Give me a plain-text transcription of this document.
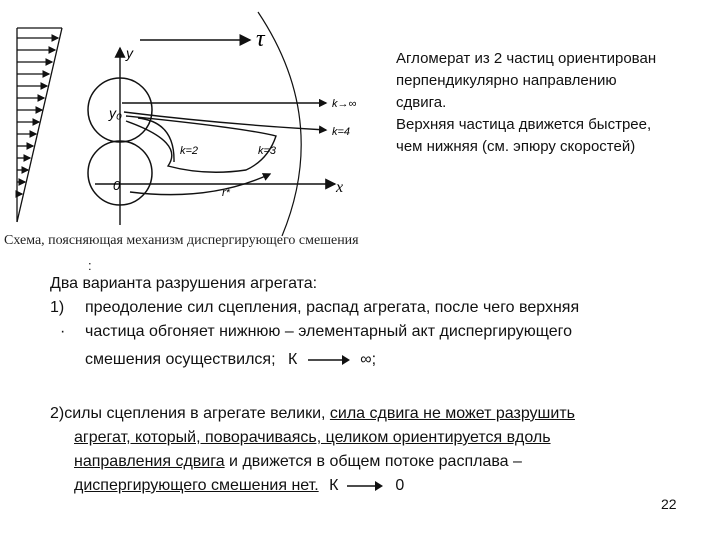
τ
y
x
y₀
0
k→∞
k=4
k=3
k=2
r*
Схема, поясняющая механизм диспергирующего смешения
Агломерат из 2 частиц ориентирован
перпендикулярно направлению
сдвига.
Верхняя частица движется быстрее,
чем нижняя (см. эпюру скоростей)
:
Два варианта разрушения агрегата:
1) преодоление сил сцепления, распад агрегата, после чего верхняя
· частица обгоняет нижнюю – элементарный акт диспергирующего
смешения осуществился; К	∞;
2)силы сцепления в агрегате велики, сила сдвига не может разрушить
агрегат, который, поворачиваясь, целиком ориентируется вдоль
направления сдвига и движется в общем потоке расплава –
диспергирующего смешения нет. К	0
22
